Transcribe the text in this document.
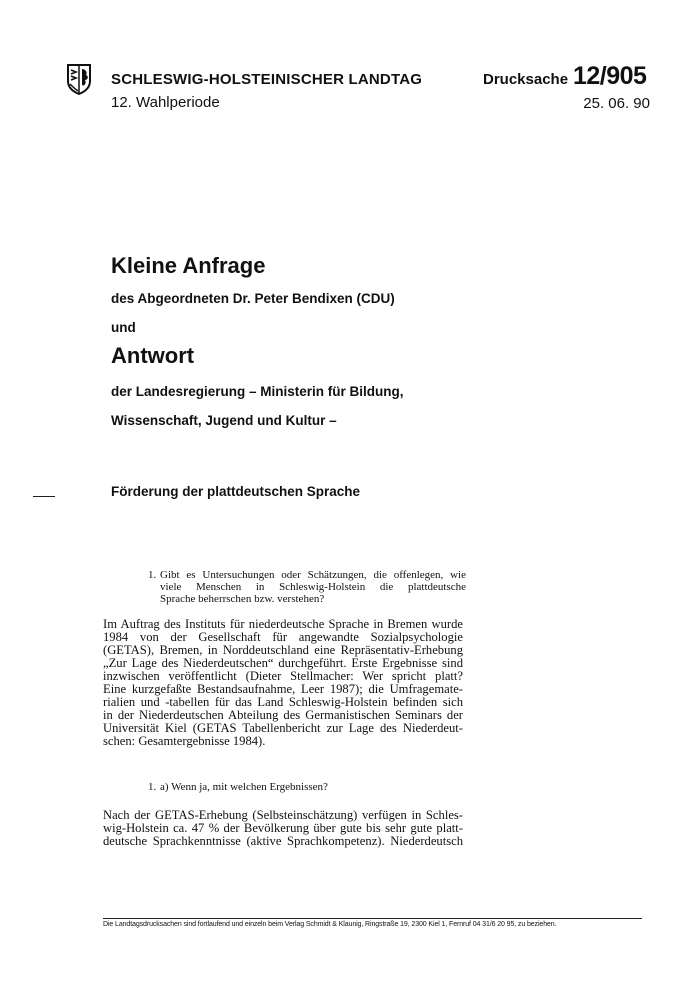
SCHLESWIG-HOLSTEINISCHER LANDTAG
12. Wahlperiode
Drucksache 12/905
25. 06. 90
Kleine Anfrage
des Abgeordneten Dr. Peter Bendixen (CDU)
und
Antwort
der Landesregierung – Ministerin für Bildung,
Wissenschaft, Jugend und Kultur –
Förderung der plattdeutschen Sprache
1. Gibt es Untersuchungen oder Schätzungen, die offenlegen, wie
viele Menschen in Schleswig-Holstein die plattdeutsche
Sprache beherrschen bzw. verstehen?
Im Auftrag des Instituts für niederdeutsche Sprache in Bremen wurde
1984 von der Gesellschaft für angewandte Sozialpsychologie
(GETAS), Bremen, in Norddeutschland eine Repräsentativ-Erhebung
„Zur Lage des Niederdeutschen“ durchgeführt. Erste Ergebnisse sind
inzwischen veröffentlicht (Dieter Stellmacher: Wer spricht platt?
Eine kurzgefaßte Bestandsaufnahme, Leer 1987); die Umfragemate-
rialien und -tabellen für das Land Schleswig-Holstein befinden sich
in der Niederdeutschen Abteilung des Germanistischen Seminars der
Universität Kiel (GETAS Tabellenbericht zur Lage des Niederdeut-
schen: Gesamtergebnisse 1984).
1. a) Wenn ja, mit welchen Ergebnissen?
Nach der GETAS-Erhebung (Selbsteinschätzung) verfügen in Schles-
wig-Holstein ca. 47 % der Bevölkerung über gute bis sehr gute platt-
deutsche Sprachkenntnisse (aktive Sprachkompetenz). Niederdeutsch
Die Landtagsdrucksachen sind fortlaufend und einzeln beim Verlag Schmidt & Klaunig, Ringstraße 19, 2300 Kiel 1, Fernruf 04 31/6 20 95, zu beziehen.
